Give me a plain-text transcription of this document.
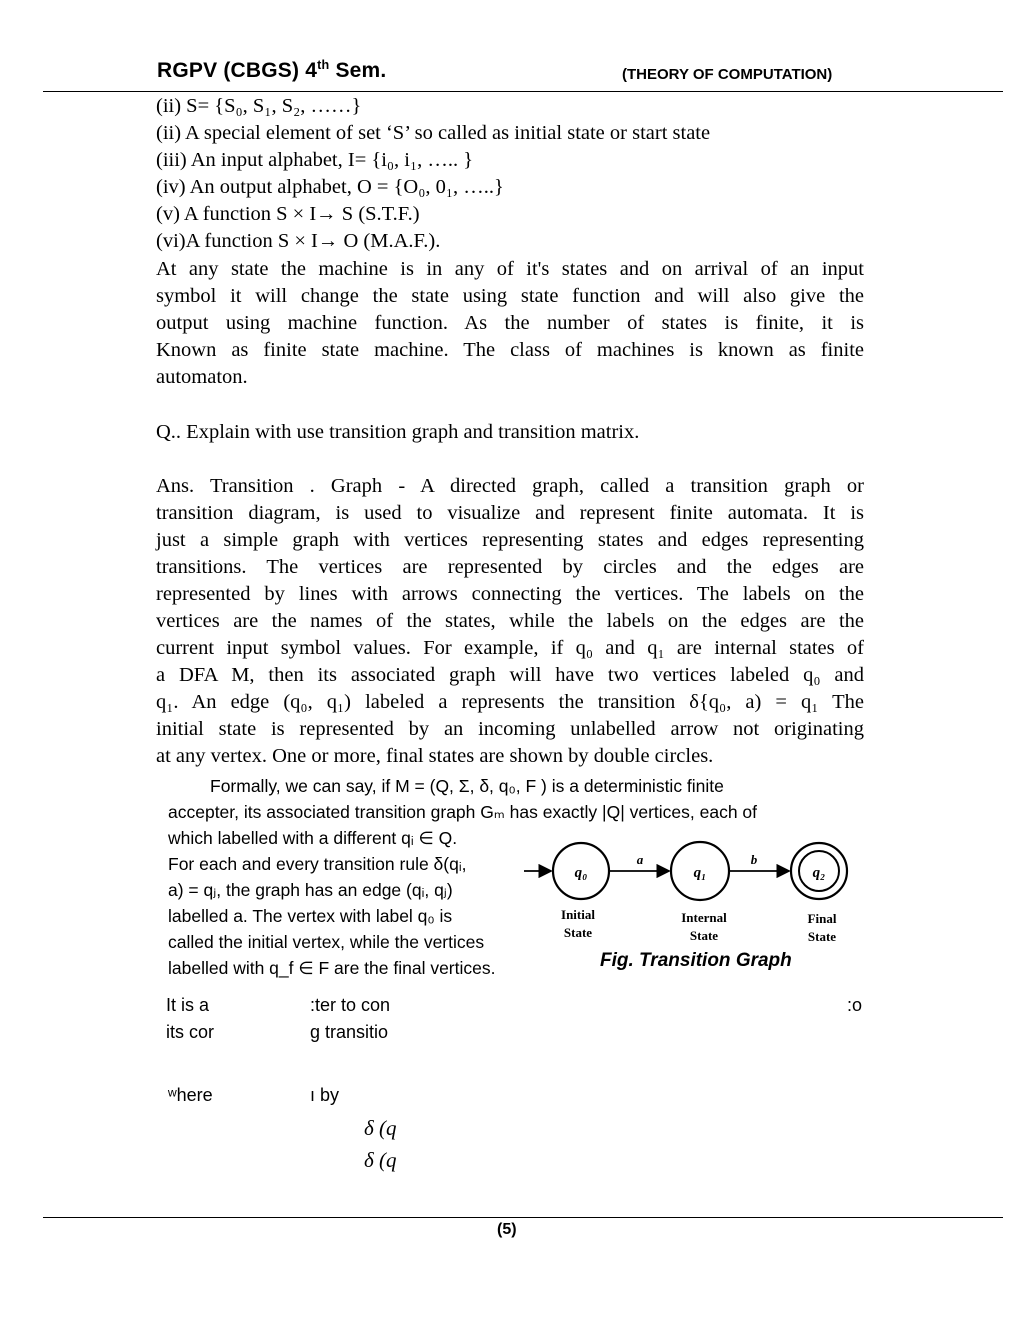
RGPV (CBGS) 4th Sem.	(THEORY OF COMPUTATION)
(ii) S= {S₀, S₁, S₂, ……}
(ii) A special element of set ‘S’ so called as initial state or start state
(iii) An input alphabet, I= {i₀, i₁, ….. }
(iv) An output alphabet, O = {O₀, 0₁, …..}
(v) A function S × I→ S (S.T.F.)
(vi)A function S × I→ O (M.A.F.).
At any state the machine is in any of it's states and on arrival of an input
symbol it will change the state using state function and will also give the
output using machine function. As the number of states is finite, it is
Known as finite state machine. The class of machines is known as finite
automaton.
Q.. Explain with use transition graph and transition matrix.
Ans. Transition . Graph - A directed graph, called a transition graph or
transition diagram, is used to visualize and represent finite automata. It is
just a simple graph with vertices representing states and edges representing
transitions. The vertices are represented by circles and the edges are
represented by lines with arrows connecting the vertices. The labels on the
vertices are the names of the states, while the labels on the edges are the
current input symbol values. For example, if q₀ and q₁ are internal states of
a DFA M, then its associated graph will have two vertices labeled q₀ and
q₁. An edge (q₀, q₁) labeled a represents the transition δ{q₀, a) = q₁ The
initial state is represented by an incoming unlabelled arrow not originating
at any vertex. One or more, final states are shown by double circles.
Formally, we can say, if M = (Q, Σ, δ, q₀, F ) is a deterministic finite
accepter, its associated transition graph Gₘ has exactly |Q| vertices, each of
which labelled with a different qᵢ ∈ Q.
For each and every transition rule δ(qᵢ,
a) = qⱼ, the graph has an edge (qᵢ, qⱼ)
labelled a. The vertex with label q₀ is
called the initial vertex, while the vertices
labelled with q_f ∈ F are the final vertices.
q₀
a
q₁
b
q₂
Initial
State
Internal
State
Final
State
Fig. Transition Graph
It is a	:ter to con	:o
its cor	g transitio
ʷhere	ı by
δ (q
δ (q
(5)
